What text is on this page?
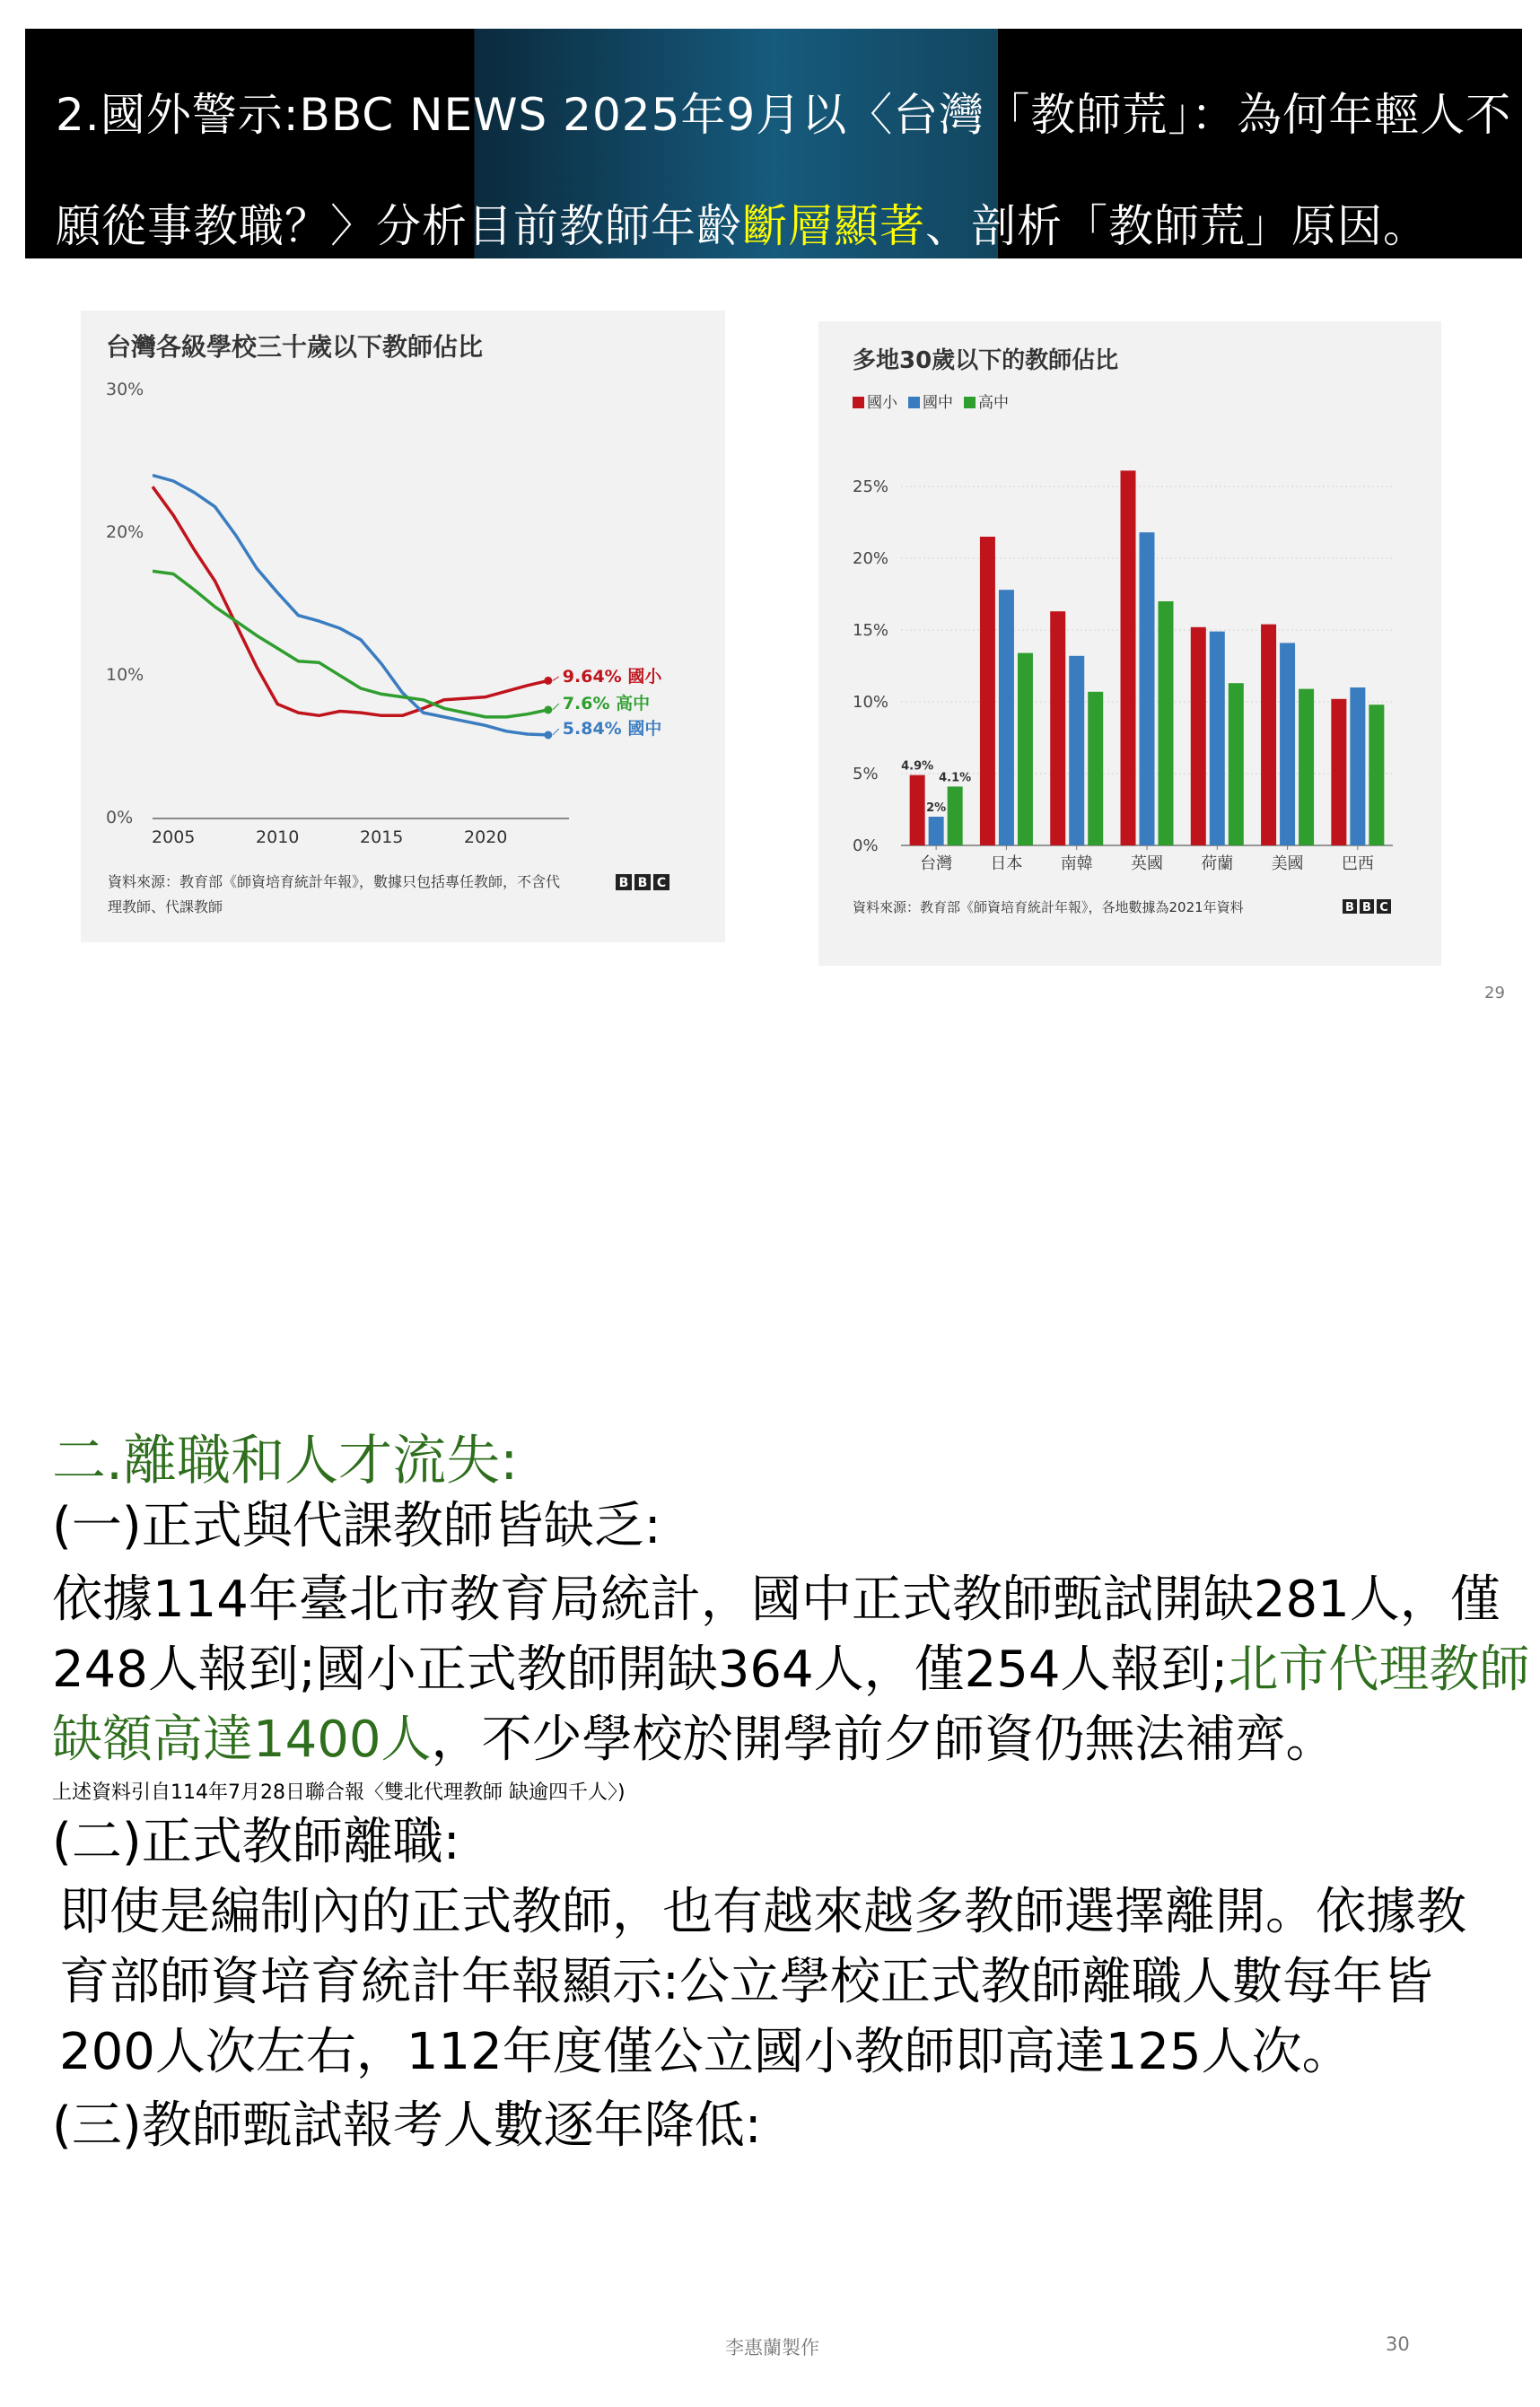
2.國外警示:BBC NEWS 2025年9月以〈台灣「教師荒」：為何年輕人不
願從事教職？〉分析目前教師年齡斷層顯著、剖析「教師荒」原因。
台灣各級學校三十歲以下教師佔比
30%
20%
10%
0%
2005	2010	2015	2020
9.64% 國小
5.84% 國中
7.6% 高中
資料來源：教育部《師資培育統計年報》，數據只包括專任教師，不含代
理教師、代課教師
B B C
多地30歲以下的教師佔比
國小 國中 高中
25%
20%
15%
10%
5%
0%
4.9%
2%
4.1%
台灣 日本 南韓 英國 荷蘭 美國 巴西
資料來源：教育部《師資培育統計年報》，各地數據為2021年資料	B B C
29
二.離職和人才流失:
(一)正式與代課教師皆缺乏:
依據114年臺北市教育局統計，國中正式教師甄試開缺281人，僅
248人報到;國小正式教師開缺364人，僅254人報到;北市代理教師
缺額高達1400人，不少學校於開學前夕師資仍無法補齊。
上述資料引自114年7月28日聯合報〈雙北代理教師 缺逾四千人〉)
(二)正式教師離職:
即使是編制內的正式教師，也有越來越多教師選擇離開。依據教
育部師資培育統計年報顯示:公立學校正式教師離職人數每年皆
200人次左右，112年度僅公立國小教師即高達125人次。
(三)教師甄試報考人數逐年降低:
李惠蘭製作	30
